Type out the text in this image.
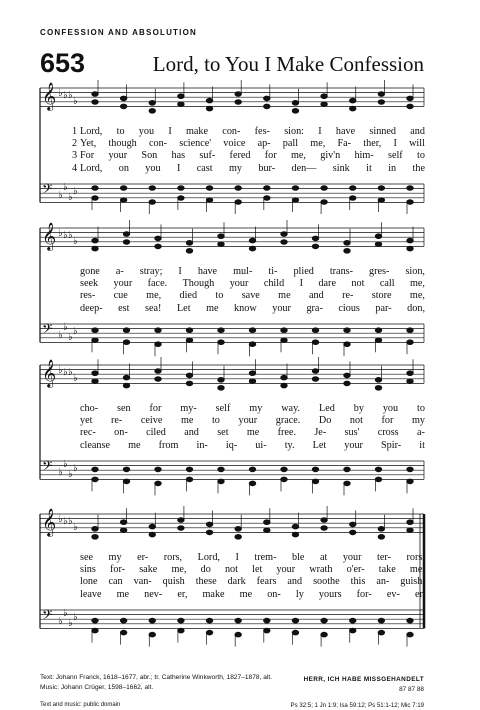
CONFESSION AND ABSOLUTION
653	Lord, to You I Make Confession
𝄞 ♭ ♭ ♭
♭
𝄢 ♭
♭
♭
♭
𝄞 ♭ ♭ ♭
♭
𝄢 ♭
♭
♭
♭
𝄞 ♭ ♭ ♭
♭
𝄢 ♭
♭
♭
♭
𝄞 ♭ ♭ ♭
♭
𝄢 ♭
♭
♭
♭
1 Lord, to you I make con- fes- sion: I have sinned and
2 Yet, though con- science' voice ap- pall me, Fa- ther, I will
3 For your Son has suf- fered for me, giv'n him- self to
4 Lord, on you I cast my bur- den— sink it in the
gone a- stray; I have mul- ti- plied trans- gres- sion,
seek your face. Though your child I dare not call me,
res- cue me, died to save me and re- store me,
deep- est sea! Let me know your gra- cious par- don,
cho- sen for my- self my way. Led by you to
yet re- ceive me to your grace. Do not for my
rec- on- ciled and set me free. Je- sus' cross a-
cleanse me from in- iq- ui- ty. Let your Spir- it
see my er- rors, Lord, I trem- ble at your ter- rors.
sins for- sake me, do not let your wrath o'er- take me.
lone can van- quish these dark fears and soothe this an- guish.
leave me nev- er, make me on- ly yours for- ev- er.
Text: Johann Franck, 1618–1677, abr.; tr. Catherine Winkworth, 1827–1878, alt.
Music: Johann Crüger, 1598–1662, alt.
Text and music: public domain
HERR, ICH HABE MISSGEHANDELT
87 87 88
Ps 32:5; 1 Jn 1:9; Isa 59:12; Ps 51:1-12; Mic 7:19
